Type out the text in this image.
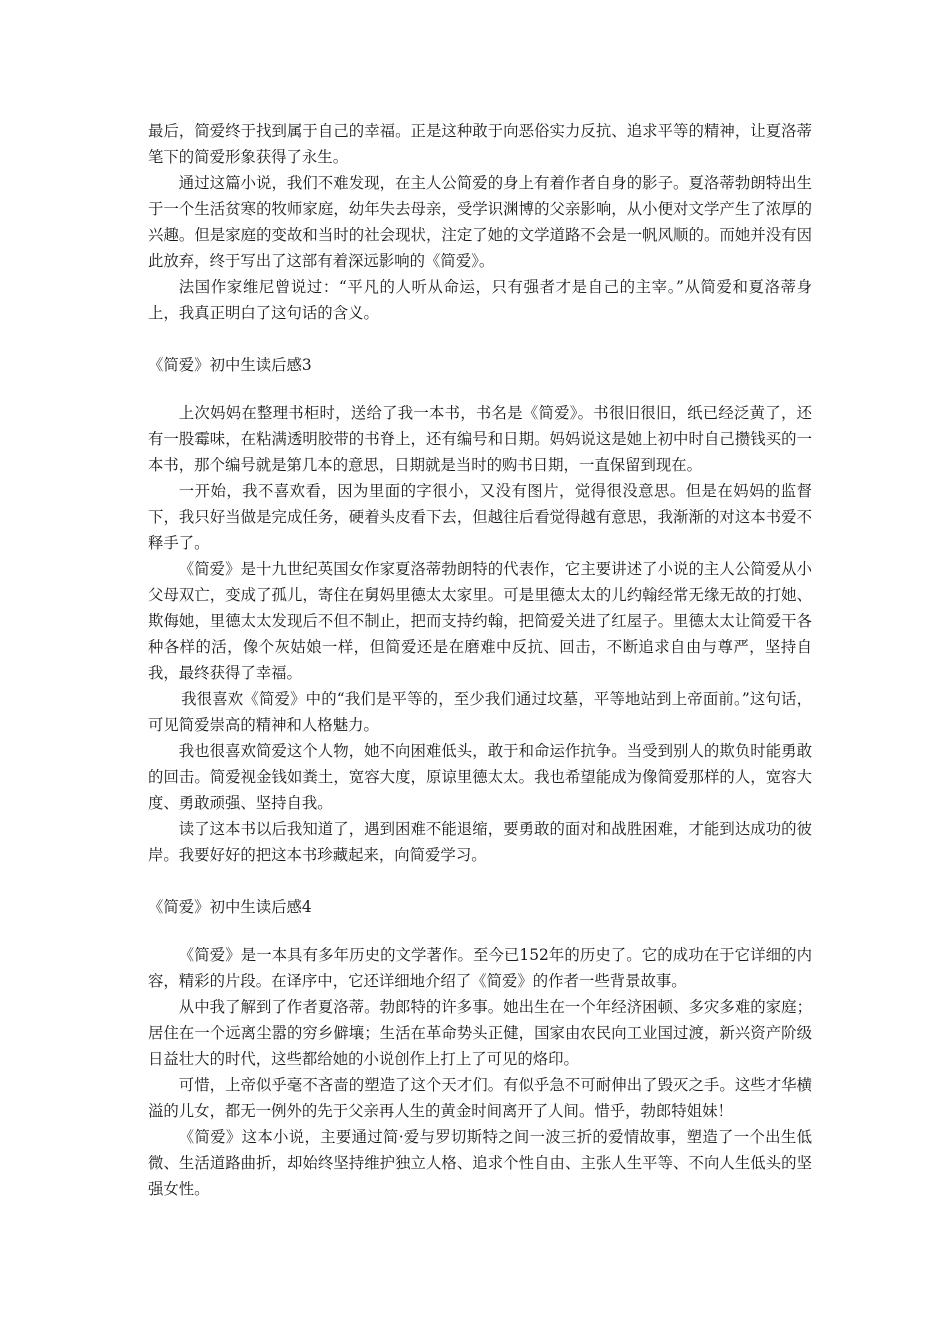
最后，简爱终于找到属于自己的幸福。正是这种敢于向恶俗实力反抗、追求平等的精神，让夏洛蒂笔下的简爱形象获得了永生。

通过这篇小说，我们不难发现，在主人公简爱的身上有着作者自身的影子。夏洛蒂勃朗特出生于一个生活贫寒的牧师家庭，幼年失去母亲，受学识渊博的父亲影响，从小便对文学产生了浓厚的兴趣。但是家庭的变故和当时的社会现状，注定了她的文学道路不会是一帆风顺的。而她并没有因此放弃，终于写出了这部有着深远影响的《简爱》。

法国作家维尼曾说过：“平凡的人听从命运，只有强者才是自己的主宰。”从简爱和夏洛蒂身上，我真正明白了这句话的含义。

《简爱》初中生读后感3

上次妈妈在整理书柜时，送给了我一本书，书名是《简爱》。书很旧很旧，纸已经泛黄了，还有一股霉味，在粘满透明胶带的书脊上，还有编号和日期。妈妈说这是她上初中时自己攒钱买的一本书，那个编号就是第几本的意思，日期就是当时的购书日期，一直保留到现在。

一开始，我不喜欢看，因为里面的字很小，又没有图片，觉得很没意思。但是在妈妈的监督下，我只好当做是完成任务，硬着头皮看下去，但越往后看觉得越有意思，我渐渐的对这本书爱不释手了。

《简爱》是十九世纪英国女作家夏洛蒂勃朗特的代表作，它主要讲述了小说的主人公简爱从小父母双亡，变成了孤儿，寄住在舅妈里德太太家里。可是里德太太的儿约翰经常无缘无故的打她、欺侮她，里德太太发现后不但不制止，把而支持约翰，把简爱关进了红屋子。里德太太让简爱干各种各样的活，像个灰姑娘一样，但简爱还是在磨难中反抗、回击，不断追求自由与尊严，坚持自我，最终获得了幸福。

我很喜欢《简爱》中的“我们是平等的，至少我们通过坟墓，平等地站到上帝面前。”这句话，可见简爱崇高的精神和人格魅力。

我也很喜欢简爱这个人物，她不向困难低头，敢于和命运作抗争。当受到别人的欺负时能勇敢的回击。简爱视金钱如粪土，宽容大度，原谅里德太太。我也希望能成为像简爱那样的人，宽容大度、勇敢顽强、坚持自我。

读了这本书以后我知道了，遇到困难不能退缩，要勇敢的面对和战胜困难，才能到达成功的彼岸。我要好好的把这本书珍藏起来，向简爱学习。

《简爱》初中生读后感4

《简爱》是一本具有多年历史的文学著作。至今已152年的历史了。它的成功在于它详细的内容，精彩的片段。在译序中，它还详细地介绍了《简爱》的作者一些背景故事。

从中我了解到了作者夏洛蒂。勃郎特的许多事。她出生在一个年经济困顿、多灾多难的家庭；居住在一个远离尘嚣的穷乡僻壤；生活在革命势头正健，国家由农民向工业国过渡，新兴资产阶级日益壮大的时代，这些都给她的小说创作上打上了可见的烙印。

可惜，上帝似乎毫不吝啬的塑造了这个天才们。有似乎急不可耐伸出了毁灭之手。这些才华横溢的儿女，都无一例外的先于父亲再人生的黄金时间离开了人间。惜乎，勃郎特姐妹！

《简爱》这本小说，主要通过简·爱与罗切斯特之间一波三折的爱情故事，塑造了一个出生低微、生活道路曲折，却始终坚持维护独立人格、追求个性自由、主张人生平等、不向人生低头的坚强女性。
